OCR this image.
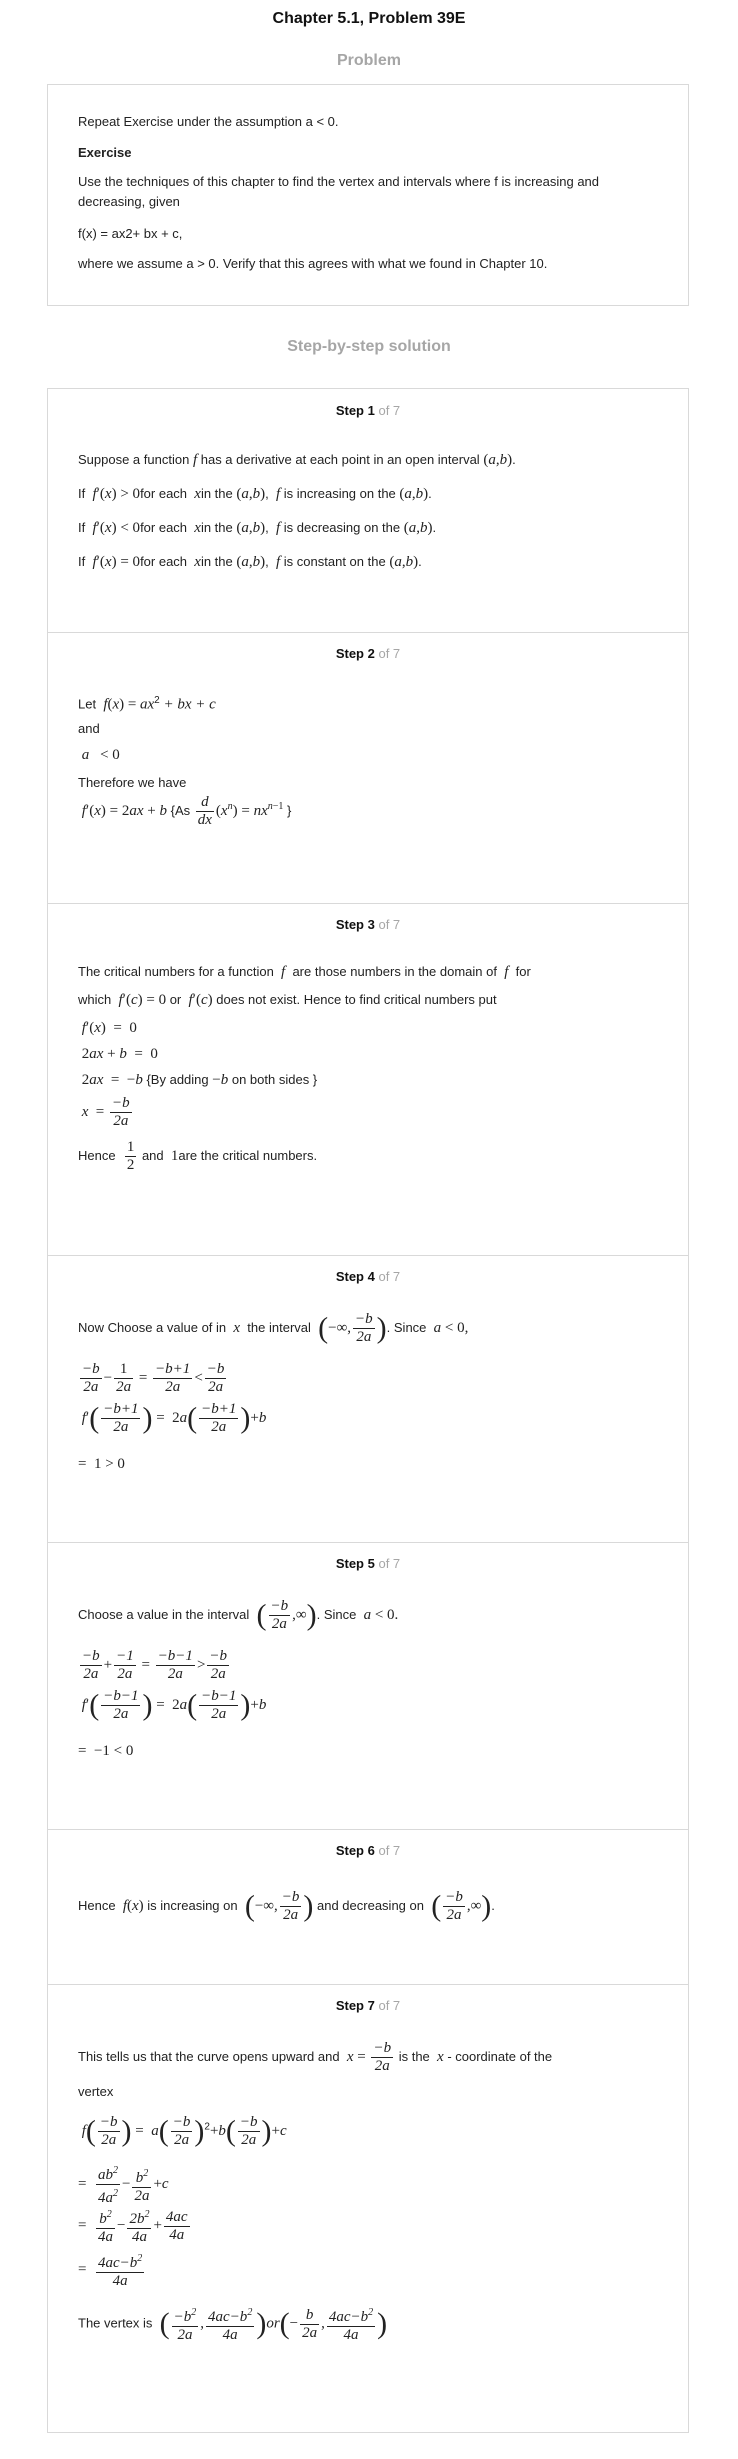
Chapter 5.1, Problem 39E
Problem
Repeat Exercise under the assumption a < 0.
Exercise
Use the techniques of this chapter to find the vertex and intervals where f is increasing and
decreasing, given
f(x) = ax2+ bx + c,
where we assume a > 0. Verify that this agrees with what we found in Chapter 10.
Step-by-step solution
Step 1 of 7
Suppose a function f has a derivative at each point in an open interval (a,b).
If f′(x) > 0for each xin the (a,b),  f is increasing on the (a,b).
If f′(x) < 0for each xin the (a,b),  f is decreasing on the (a,b).
If f′(x) = 0for each xin the (a,b),  f is constant on the (a,b).
Step 2 of 7
Let $f(x) = ax^2$ + bx + c
and
a < 0
Therefore we have
f′(x) = 2ax + b {$As \frac{d}{dx} (x^n) = nx^{n-1}$ }
Step 3 of 7
The critical numbers for a function f are those numbers in the domain of f for
which f′(c) = 0 or f′(c) does not exist. Hence to find critical numbers put
f′(x)  =  0
2ax + b  =  0
2ax  =  −b {By adding −b on both sides }
$x = \frac{-b}{2a}$
Hence $\frac{1}{2}$ and 1are the critical numbers.
Step 4 of 7
Now Choose a value of in x the interval (−∞, $\frac{-b}{2a}$ ). Since a < 0,
$\frac{-b}{2a} - \frac{1}{2a} = \frac{-b+1}{2a} < \frac{-b}{2a}$
$f'( \frac{-b+1}{2a}$ ) =  $2a( \frac{-b+1}{2a} )+b$
=  1 > 0
Step 5 of 7
Choose a value in the interval ( $\frac{-b}{2a}$ ,∞). Since a < 0.
$\frac{-b}{2a} + \frac{-1}{2a} = \frac{-b-1}{2a} > \frac{-b}{2a}$
$f'( \frac{-b-1}{2a}$ ) =  $2a( \frac{-b-1}{2a} )+b$
=  −1 < 0
Step 6 of 7
Hence f(x) is increasing on (−∞, $\frac{-b}{2a}$ ) and decreasing on ( $\frac{-b}{2a}$ ,∞).
Step 7 of 7
This tells us that the curve opens upward and $x = \frac{-b}{2a}$ is the x - coordinate of the
vertex
$f( \frac{-b}{2a}$ ) =  $a( \frac{-b}{2a} )^2+b( \frac{-b}{2a} )+c$
= $\frac{ab^2}{4a^2} - \frac{b^2}{2a} +c$
= $\frac{b^2}{4a} - \frac{2b^2}{4a} + \frac{4ac}{4a}$
= $\frac{4ac-b^2}{4a}$
The vertex is ( $\frac{-b^2}{2a}$ , $\frac{4ac-b^2}{4a} )or(- \frac{b}{2a}$ , $\frac{4ac-b^2}{4a}$ )
